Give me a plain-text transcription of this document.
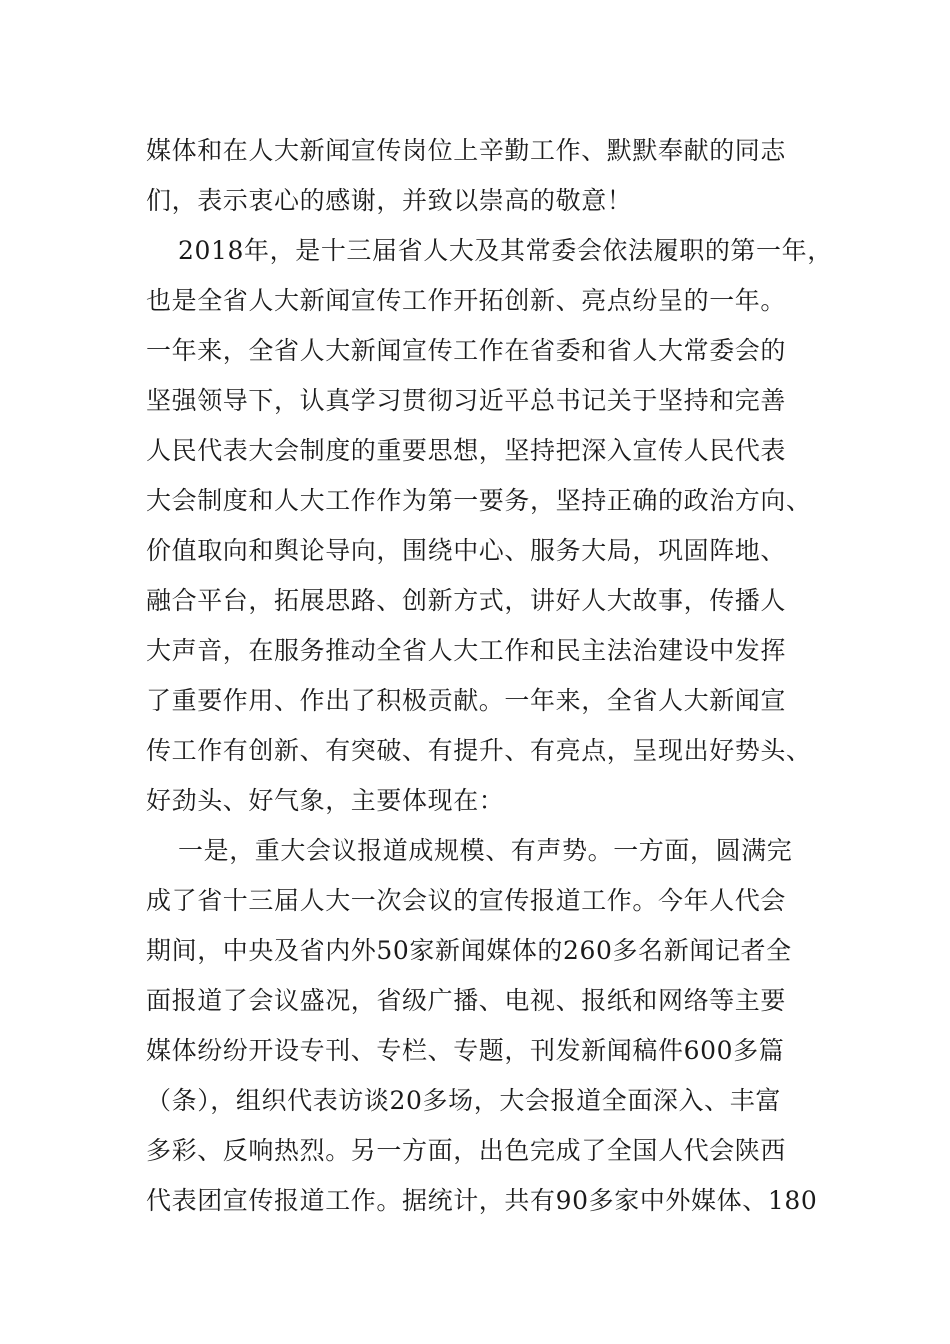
媒体和在人大新闻宣传岗位上辛勤工作、默默奉献的同志
们，表示衷心的感谢，并致以崇高的敬意！
2018年，是十三届省人大及其常委会依法履职的第一年，
也是全省人大新闻宣传工作开拓创新、亮点纷呈的一年。
一年来，全省人大新闻宣传工作在省委和省人大常委会的
坚强领导下，认真学习贯彻习近平总书记关于坚持和完善
人民代表大会制度的重要思想，坚持把深入宣传人民代表
大会制度和人大工作作为第一要务，坚持正确的政治方向、
价值取向和舆论导向，围绕中心、服务大局，巩固阵地、
融合平台，拓展思路、创新方式，讲好人大故事，传播人
大声音，在服务推动全省人大工作和民主法治建设中发挥
了重要作用、作出了积极贡献。一年来，全省人大新闻宣
传工作有创新、有突破、有提升、有亮点，呈现出好势头、
好劲头、好气象，主要体现在：
一是，重大会议报道成规模、有声势。一方面，圆满完
成了省十三届人大一次会议的宣传报道工作。今年人代会
期间，中央及省内外50家新闻媒体的260多名新闻记者全
面报道了会议盛况，省级广播、电视、报纸和网络等主要
媒体纷纷开设专刊、专栏、专题，刊发新闻稿件600多篇
（条），组织代表访谈20多场，大会报道全面深入、丰富
多彩、反响热烈。另一方面，出色完成了全国人代会陕西
代表团宣传报道工作。据统计，共有90多家中外媒体、180
